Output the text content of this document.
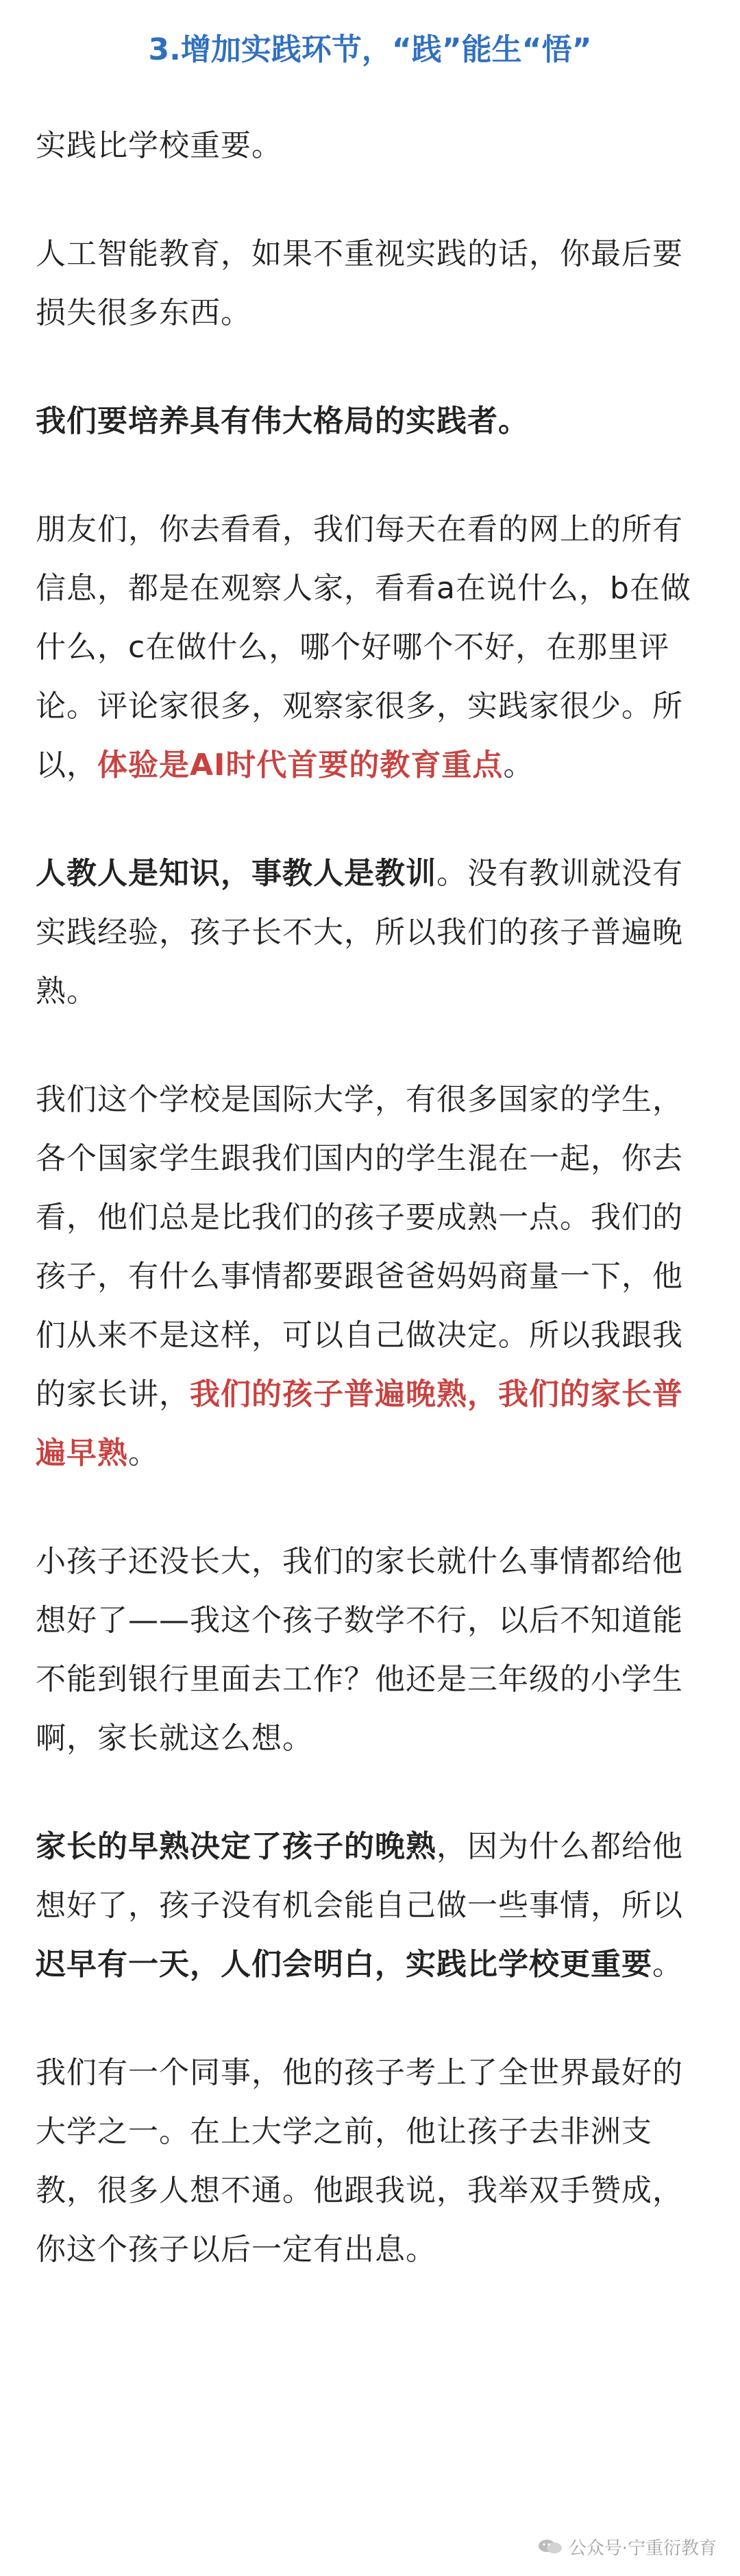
3.增加实践环节，“践”能生“悟”

实践比学校重要。

人工智能教育，如果不重视实践的话，你最后要损失很多东西。

我们要培养具有伟大格局的实践者。

朋友们，你去看看，我们每天在看的网上的所有信息，都是在观察人家，看看a在说什么，b在做什么，c在做什么，哪个好哪个不好，在那里评论。评论家很多，观察家很多，实践家很少。所以，体验是AI时代首要的教育重点。

人教人是知识，事教人是教训。没有教训就没有实践经验，孩子长不大，所以我们的孩子普遍晚熟。

我们这个学校是国际大学，有很多国家的学生，各个国家学生跟我们国内的学生混在一起，你去看，他们总是比我们的孩子要成熟一点。我们的孩子，有什么事情都要跟爸爸妈妈商量一下，他们从来不是这样，可以自己做决定。所以我跟我的家长讲，我们的孩子普遍晚熟，我们的家长普遍早熟。

小孩子还没长大，我们的家长就什么事情都给他想好了——我这个孩子数学不行，以后不知道能不能到银行里面去工作？他还是三年级的小学生啊，家长就这么想。

家长的早熟决定了孩子的晚熟，因为什么都给他想好了，孩子没有机会能自己做一些事情，所以迟早有一天，人们会明白，实践比学校更重要。

我们有一个同事，他的孩子考上了全世界最好的大学之一。在上大学之前，他让孩子去非洲支教，很多人想不通。他跟我说，我举双手赞成，你这个孩子以后一定有出息。

公众号·宁重衍教育
